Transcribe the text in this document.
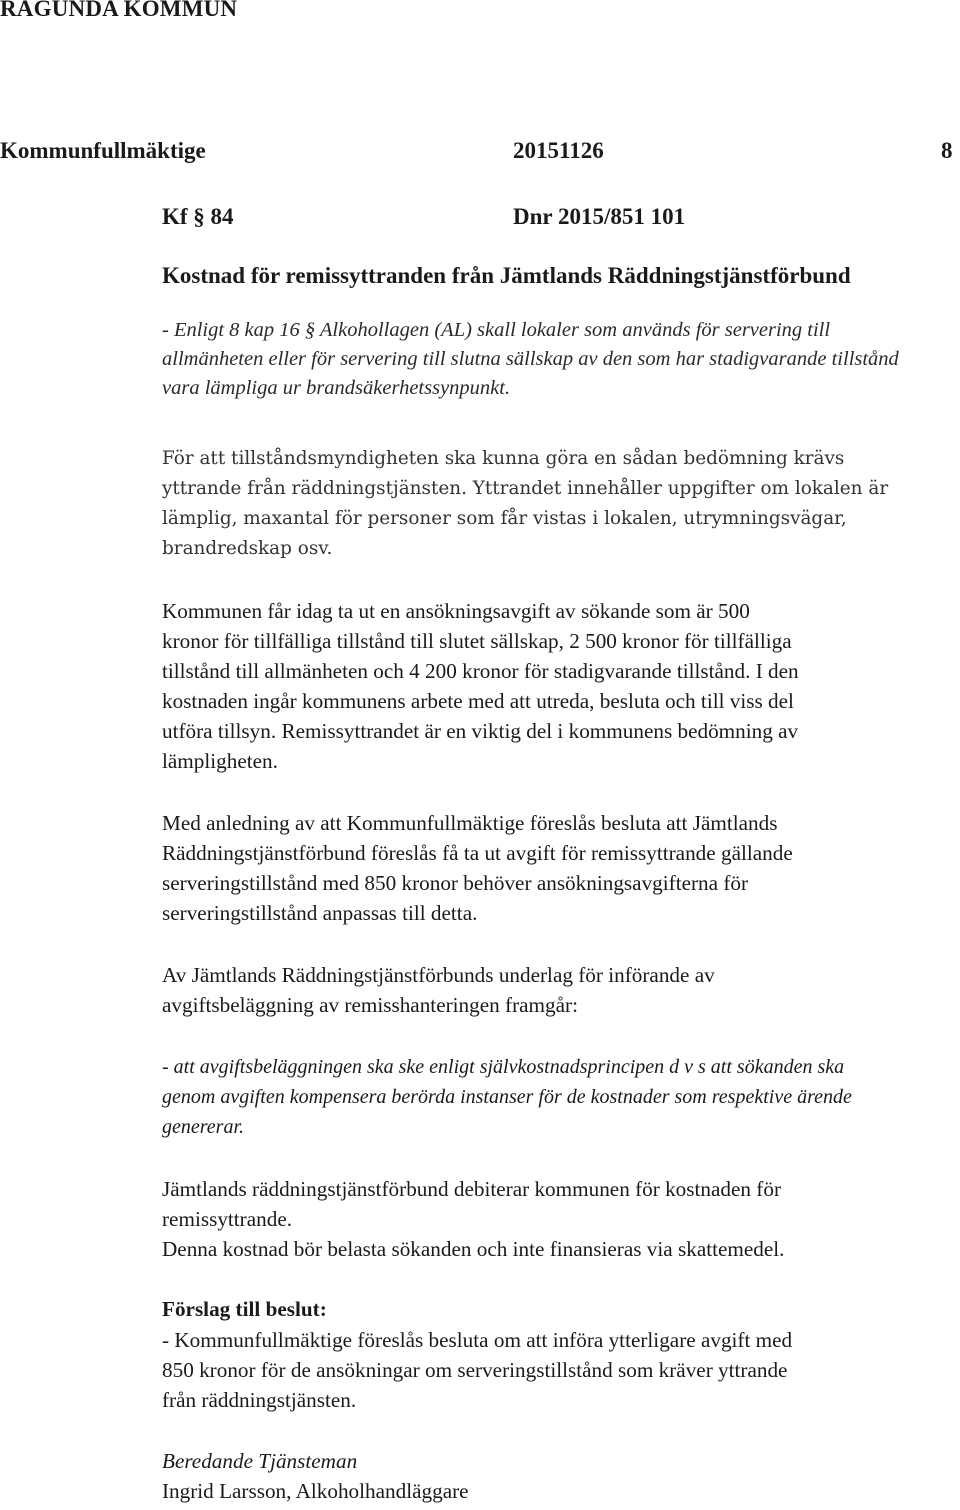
RAGUNDA KOMMUN
Kommunfullmäktige	20151126	8
Kf § 84	Dnr 2015/851 101
Kostnad för remissyttranden från Jämtlands Räddningstjänstförbund
- Enligt 8 kap 16 § Alkohollagen (AL) skall lokaler som används för servering till
allmänheten eller för servering till slutna sällskap av den som har stadigvarande tillstånd
vara lämpliga ur brandsäkerhetssynpunkt.
För att tillståndsmyndigheten ska kunna göra en sådan bedömning krävs
yttrande från räddningstjänsten. Yttrandet innehåller uppgifter om lokalen är
lämplig, maxantal för personer som får vistas i lokalen, utrymningsvägar,
brandredskap osv.
Kommunen får idag ta ut en ansökningsavgift av sökande som är 500
kronor för tillfälliga tillstånd till slutet sällskap, 2 500 kronor för tillfälliga
tillstånd till allmänheten och 4 200 kronor för stadigvarande tillstånd. I den
kostnaden ingår kommunens arbete med att utreda, besluta och till viss del
utföra tillsyn. Remissyttrandet är en viktig del i kommunens bedömning av
lämpligheten.
Med anledning av att Kommunfullmäktige föreslås besluta att Jämtlands
Räddningstjänstförbund föreslås få ta ut avgift för remissyttrande gällande
serveringstillstånd med 850 kronor behöver ansökningsavgifterna för
serveringstillstånd anpassas till detta.
Av Jämtlands Räddningstjänstförbunds underlag för införande av
avgiftsbeläggning av remisshanteringen framgår:
- att avgiftsbeläggningen ska ske enligt självkostnadsprincipen d v s att sökanden ska
genom avgiften kompensera berörda instanser för de kostnader som respektive ärende
genererar.
Jämtlands räddningstjänstförbund debiterar kommunen för kostnaden för
remissyttrande.
Denna kostnad bör belasta sökanden och inte finansieras via skattemedel.
Förslag till beslut:
- Kommunfullmäktige föreslås besluta om att införa ytterligare avgift med
850 kronor för de ansökningar om serveringstillstånd som kräver yttrande
från räddningstjänsten.
Beredande Tjänsteman
Ingrid Larsson, Alkoholhandläggare
